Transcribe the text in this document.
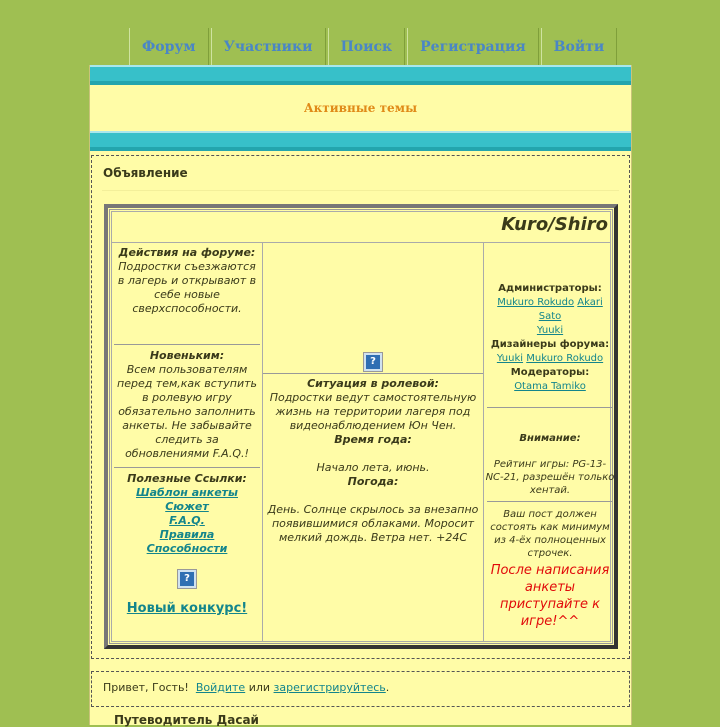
Форум	Участники	Поиск	Регистрация	Войти
Активные темы
Объявление
Kuro/Shiro
Действия на форуме:
Подростки съезжаются в лагерь и открывают в себе новые сверхспособности.
Новеньким:
Всем пользователям перед тем,как вступить в ролевую игру обязательно заполнить анкеты. Не забывайте следить за обновлениями F.A.Q.!
Полезные Ссылки:
Шаблон анкеты
Сюжет
F.A.Q.
Правила
Способности
?
Новый конкурс!
?
Ситуация в ролевой:
Подростки ведут самостоятельную жизнь на территории лагеря под видеонаблюдением Юн Чен.
Время года:
Начало лета, июнь.
Погода:
День. Солнце скрылось за внезапно появившимися облаками. Моросит мелкий дождь. Ветра нет. +24С
Администраторы:
Mukuro Rokudo Akari Sato
Yuuki
Дизайнеры форума:
Yuuki Mukuro Rokudo
Модераторы:
Otama Tamiko
Внимание:
Рейтинг игры: PG-13-NC-21, разрешён только хентай.
Ваш пост должен состоять как минимум из 4-ёх полноценных строчек.
После написания анкеты приступайте к игре!^^
Привет, Гость! Войдите или зарегистрируйтесь.
Путеводитель Дасай
